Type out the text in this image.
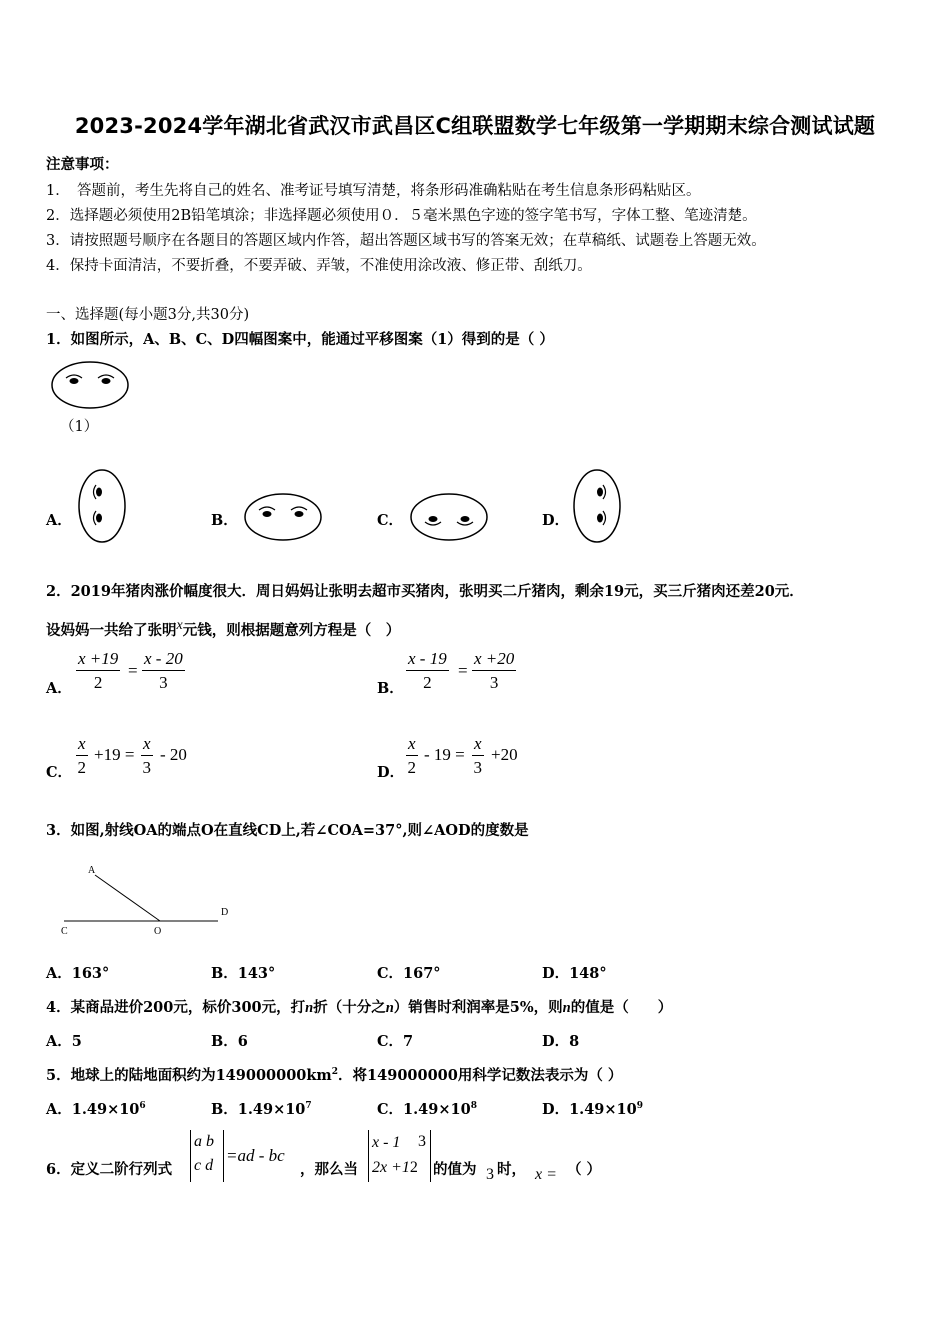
2023-2024学年湖北省武汉市武昌区C组联盟数学七年级第一学期期末综合测试试题
注意事项：
1．　答题前，考生先将自己的姓名、准考证号填写清楚，将条形码准确粘贴在考生信息条形码粘贴区。
2．选择题必须使用2B铅笔填涂；非选择题必须使用０．５毫米黑色字迹的签字笔书写，字体工整、笔迹清楚。
3．请按照题号顺序在各题目的答题区域内作答，超出答题区域书写的答案无效；在草稿纸、试题卷上答题无效。
4．保持卡面清洁，不要折叠，不要弄破、弄皱，不准使用涂改液、修正带、刮纸刀。
一、选择题(每小题3分,共30分)
1．如图所示，A、B、C、D四幅图案中，能通过平移图案（1）得到的是（ ）
（1）
A．	B．	C．	D．
2．2019年猪肉涨价幅度很大．周日妈妈让张明去超市买猪肉，张明买二斤猪肉，剩余19元，买三斤猪肉还差20元．
设妈妈一共给了张明$^x$元钱，则根据题意列方程是（　）
A． $\frac{x +19}{2} = \frac{x - 20}{3}$	B． $\frac{x - 19}{2} = \frac{x +20}{3}$
C． $\frac{x}{2} +19 = \frac{x}{3} - 20$
D． $\frac{x}{2} - 19 = \frac{x}{3} +20$
3．如图,射线OA的端点O在直线CD上,若∠COA=37°,则∠AOD的度数是
A
C	O
D
A．163°	B．143°	C．167°	D．148°
4．某商品进价200元，标价300元，打n折（十分之n）销售时利润率是5%，则n的值是（　　）
A．5	B．6	C．7	D．8
5．地球上的陆地面积约为$149000000km^2$．将149000000用科学记数法表示为（ ）
A．$1.49\times 10^6$	B．$1.49\times 10^7$	C．$1.49\times 10^8$	D．$1.49\times 10^9$
6．定义二阶行列式
a b
c d
=ad - bc
，那么当
x - 1 3
2x +12	的值为 3 时， x = （ ）
